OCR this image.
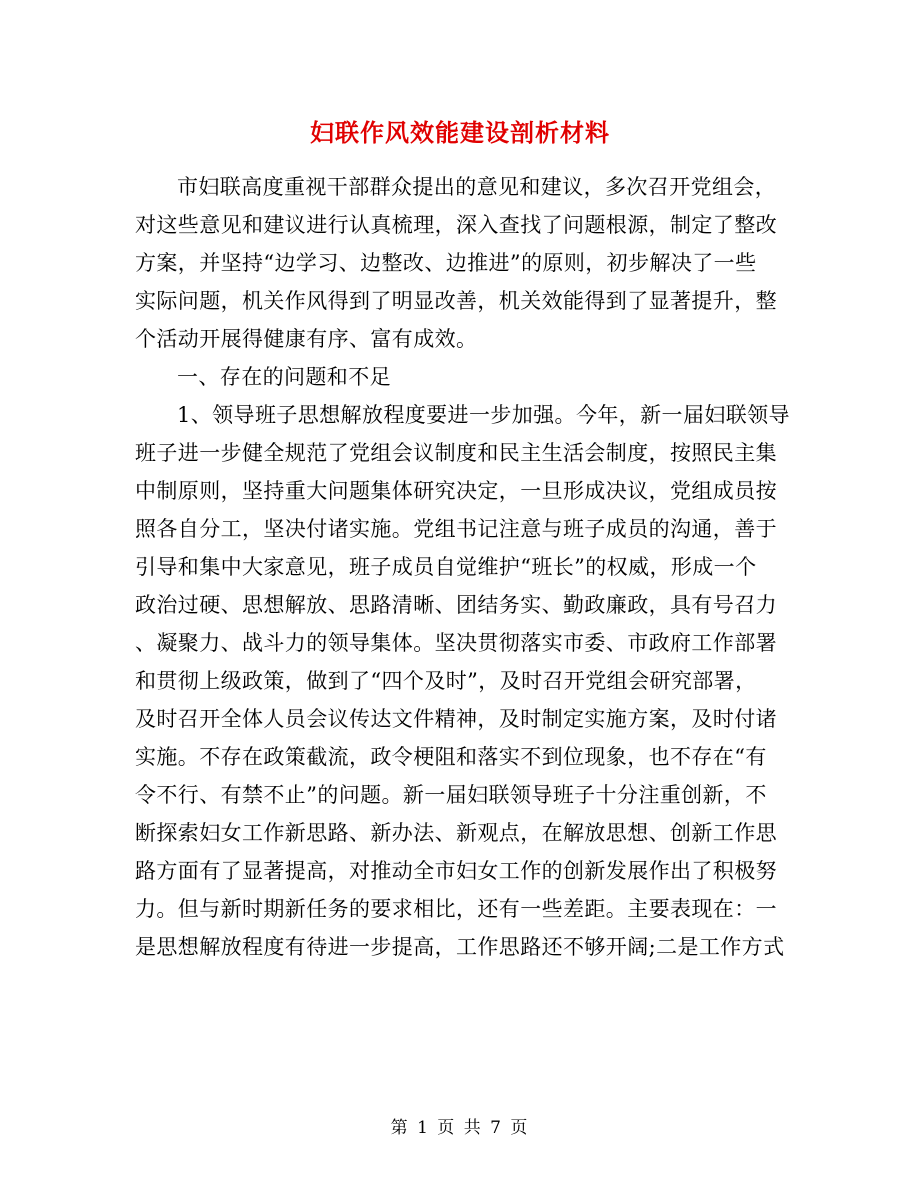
妇联作风效能建设剖析材料
市妇联高度重视干部群众提出的意见和建议，多次召开党组会，
对这些意见和建议进行认真梳理，深入查找了问题根源，制定了整改
方案，并坚持“边学习、边整改、边推进”的原则，初步解决了一些
实际问题，机关作风得到了明显改善，机关效能得到了显著提升，整
个活动开展得健康有序、富有成效。
一、存在的问题和不足
1、领导班子思想解放程度要进一步加强。今年，新一届妇联领导
班子进一步健全规范了党组会议制度和民主生活会制度，按照民主集
中制原则，坚持重大问题集体研究决定，一旦形成决议，党组成员按
照各自分工，坚决付诸实施。党组书记注意与班子成员的沟通，善于
引导和集中大家意见，班子成员自觉维护“班长”的权威，形成一个
政治过硬、思想解放、思路清晰、团结务实、勤政廉政，具有号召力
、凝聚力、战斗力的领导集体。坚决贯彻落实市委、市政府工作部署
和贯彻上级政策，做到了“四个及时”，及时召开党组会研究部署，
及时召开全体人员会议传达文件精神，及时制定实施方案，及时付诸
实施。不存在政策截流，政令梗阻和落实不到位现象，也不存在“有
令不行、有禁不止”的问题。新一届妇联领导班子十分注重创新，不
断探索妇女工作新思路、新办法、新观点，在解放思想、创新工作思
路方面有了显著提高，对推动全市妇女工作的创新发展作出了积极努
力。但与新时期新任务的要求相比，还有一些差距。主要表现在：一
是思想解放程度有待进一步提高，工作思路还不够开阔;二是工作方式
第 1 页 共 7 页
